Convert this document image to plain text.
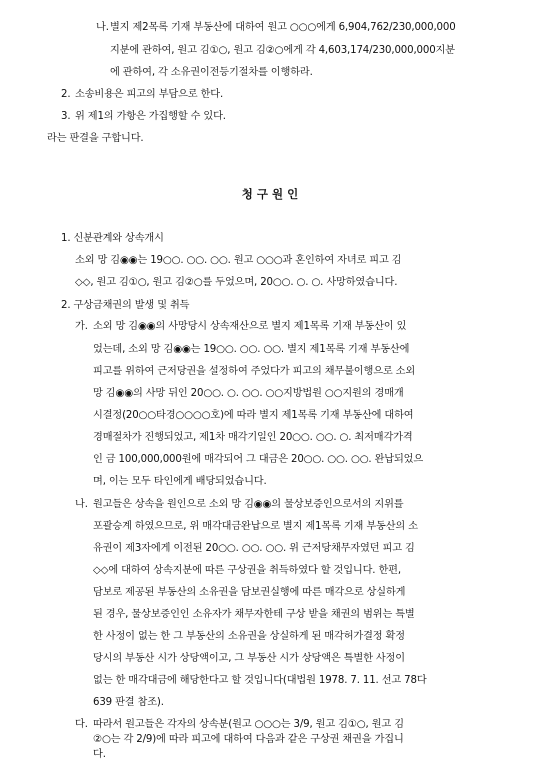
나. 별지 제2목록 기재 부동산에 대하여 원고 ○○○에게 6,904,762/230,000,000
지분에 관하여, 원고 김①○, 원고 김②○에게 각 4,603,174/230,000,000지분
에 관하여, 각 소유권이전등기절차를 이행하라.
2. 소송비용은 피고의 부담으로 한다.
3. 위 제1의 가항은 가집행할 수 있다.
라는 판결을 구합니다.
청 구 원 인
1. 신분관계와 상속개시
소외 망 김◉◉는 19○○. ○○. ○○. 원고 ○○○과 혼인하여 자녀로 피고 김
◇◇, 원고 김①○, 원고 김②○를 두었으며, 20○○. ○. ○. 사망하였습니다.
2. 구상금채권의 발생 및 취득
가. 소외 망 김◉◉의 사망당시 상속재산으로 별지 제1목록 기재 부동산이 있
었는데, 소외 망 김◉◉는 19○○. ○○. ○○. 별지 제1목록 기재 부동산에
피고를 위하여 근저당권을 설정하여 주었다가 피고의 채무불이행으로 소외
망 김◉◉의 사망 뒤인 20○○. ○. ○○. ○○지방법원 ○○지원의 경매개
시결정(20○○타경○○○○호)에 따라 별지 제1목록 기재 부동산에 대하여
경매절차가 진행되었고, 제1차 매각기일인 20○○. ○○. ○. 최저매각가격
인 금 100,000,000원에 매각되어 그 대금은 20○○. ○○. ○○. 완납되었으
며, 이는 모두 타인에게 배당되었습니다.
나. 원고들은 상속을 원인으로 소외 망 김◉◉의 물상보증인으로서의 지위를
포괄승계 하였으므로, 위 매각대금완납으로 별지 제1목록 기재 부동산의 소
유권이 제3자에게 이전된 20○○. ○○. ○○. 위 근저당채무자였던 피고 김
◇◇에 대하여 상속지분에 따른 구상권을 취득하였다 할 것입니다. 한편,
담보로 제공된 부동산의 소유권을 담보권실행에 따른 매각으로 상실하게
된 경우, 물상보증인인 소유자가 채무자한테 구상 받을 채권의 범위는 특별
한 사정이 없는 한 그 부동산의 소유권을 상실하게 된 매각허가결정 확정
당시의 부동산 시가 상당액이고, 그 부동산 시가 상당액은 특별한 사정이
없는 한 매각대금에 해당한다고 할 것입니다(대법원 1978. 7. 11. 선고 78다
639 판결 참조).
다. 따라서 원고들은 각자의 상속분(원고 ○○○는 3/9, 원고 김①○, 원고 김
②○는 각 2/9)에 따라 피고에 대하여 다음과 같은 구상권 채권을 가집니
다.
